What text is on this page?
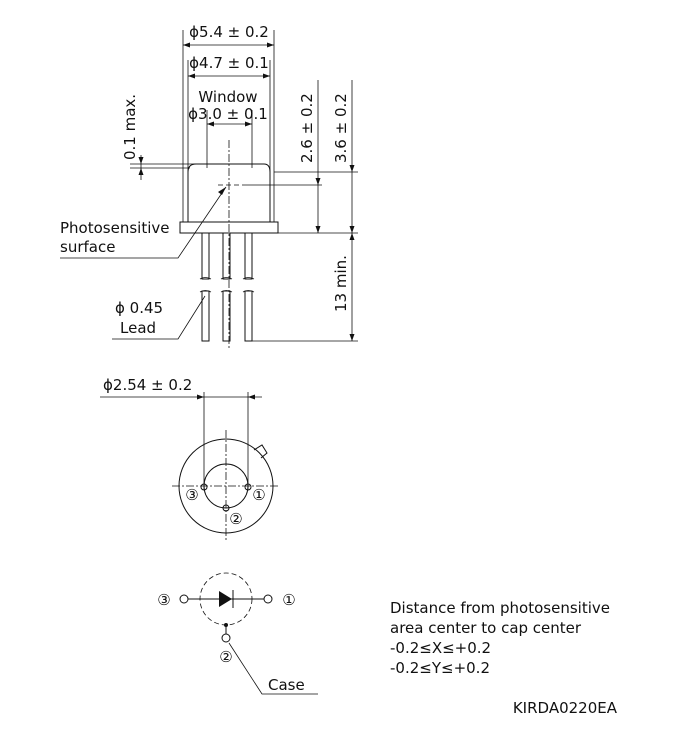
ϕ5.4 ± 0.2
ϕ4.7 ± 0.1
Window
ϕ3.0 ± 0.1
0.1 max.	2.6 ± 0.2 3.6 ± 0.2
13 min.
Photosensitive
surface
ϕ 0.45
Lead
ϕ2.54 ± 0.2
③	①
②
③	①
②
Case
Distance from photosensitive
area center to cap center
-0.2≤X≤+0.2
-0.2≤Y≤+0.2
KIRDA0220EA
